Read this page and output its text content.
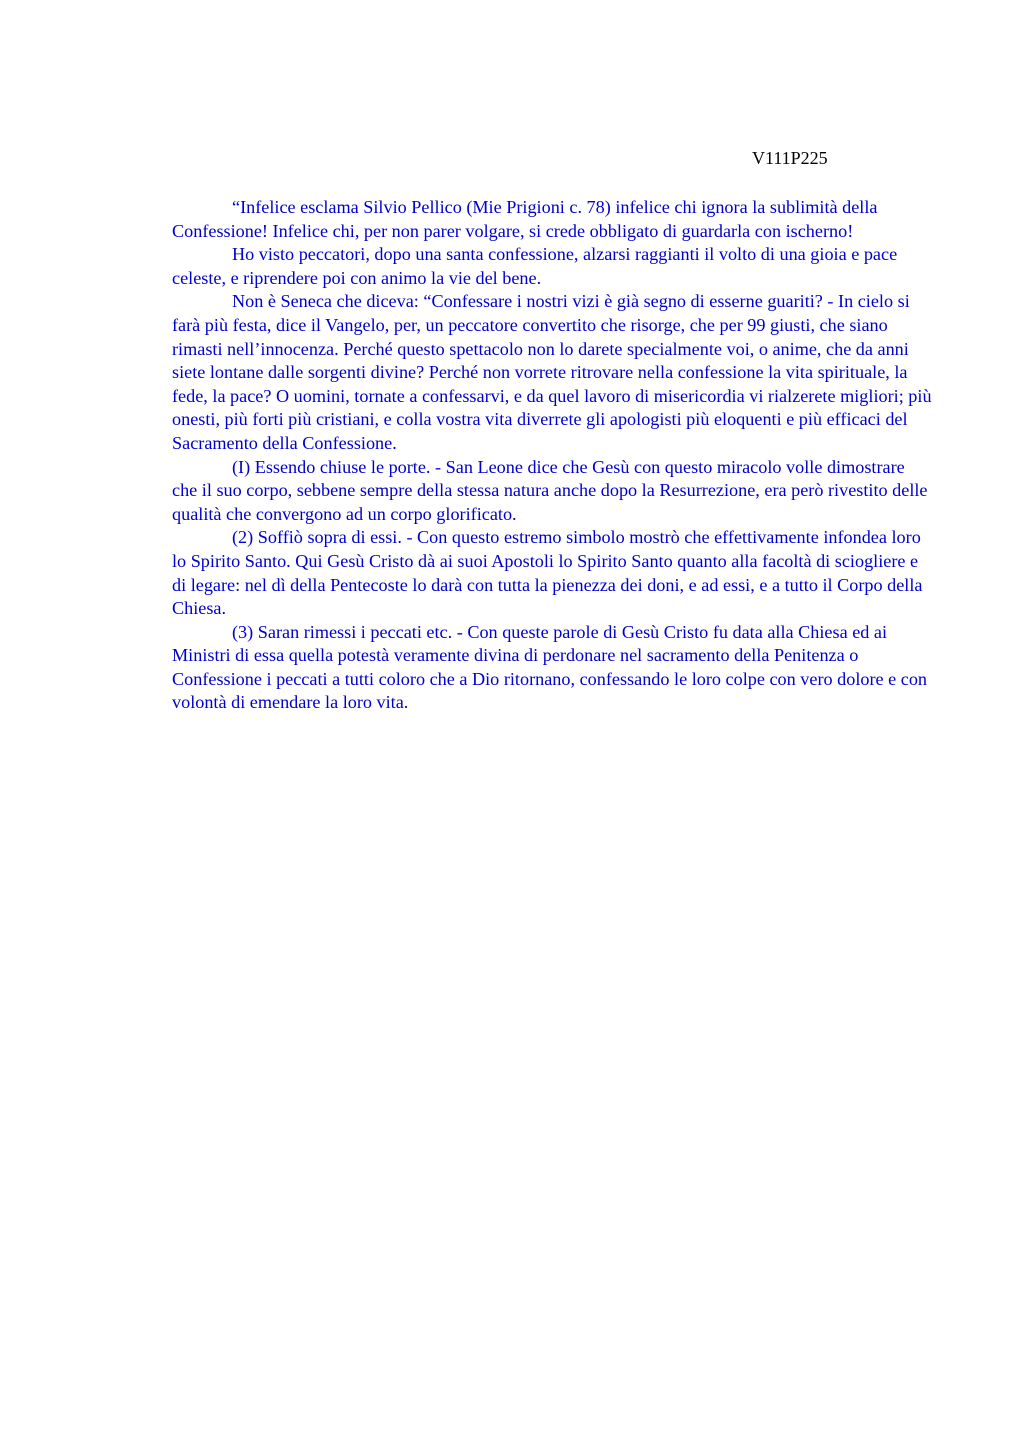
V111P225

“Infelice esclama Silvio Pellico (Mie Prigioni c. 78) infelice chi ignora la sublimità della Confessione! Infelice chi, per non parer volgare, si crede obbligato di guardarla con ischerno!

Ho visto peccatori, dopo una santa confessione, alzarsi raggianti il volto di una gioia e pace celeste, e riprendere poi con animo la vie del bene.

Non è Seneca che diceva: “Confessare i nostri vizi è già segno di esserne guariti? - In cielo si farà più festa, dice il Vangelo, per, un peccatore convertito che risorge, che per 99 giusti, che siano rimasti nell’innocenza. Perché questo spettacolo non lo darete specialmente voi, o anime, che da anni siete lontane dalle sorgenti divine? Perché non vorrete ritrovare nella confessione la vita spirituale, la fede, la pace? O uomini, tornate a confessarvi, e da quel lavoro di misericordia vi rialzerete migliori; più onesti, più forti più cristiani, e colla vostra vita diverrete gli apologisti più eloquenti e più efficaci del Sacramento della Confessione.

(I) Essendo chiuse le porte. - San Leone dice che Gesù con questo miracolo volle dimostrare che il suo corpo, sebbene sempre della stessa natura anche dopo la Resurrezione, era però rivestito delle qualità che convergono ad un corpo glorificato.

(2) Soffiò sopra di essi. - Con questo estremo simbolo mostrò che effettivamente infondea loro lo Spirito Santo. Qui Gesù Cristo dà ai suoi Apostoli lo Spirito Santo quanto alla facoltà di sciogliere e di legare: nel dì della Pentecoste lo darà con tutta la pienezza dei doni, e ad essi, e a tutto il Corpo della Chiesa.

(3) Saran rimessi i peccati etc. - Con queste parole di Gesù Cristo fu data alla Chiesa ed ai Ministri di essa quella potestà veramente divina di perdonare nel sacramento della Penitenza o Confessione i peccati a tutti coloro che a Dio ritornano, confessando le loro colpe con vero dolore e con volontà di emendare la loro vita.
